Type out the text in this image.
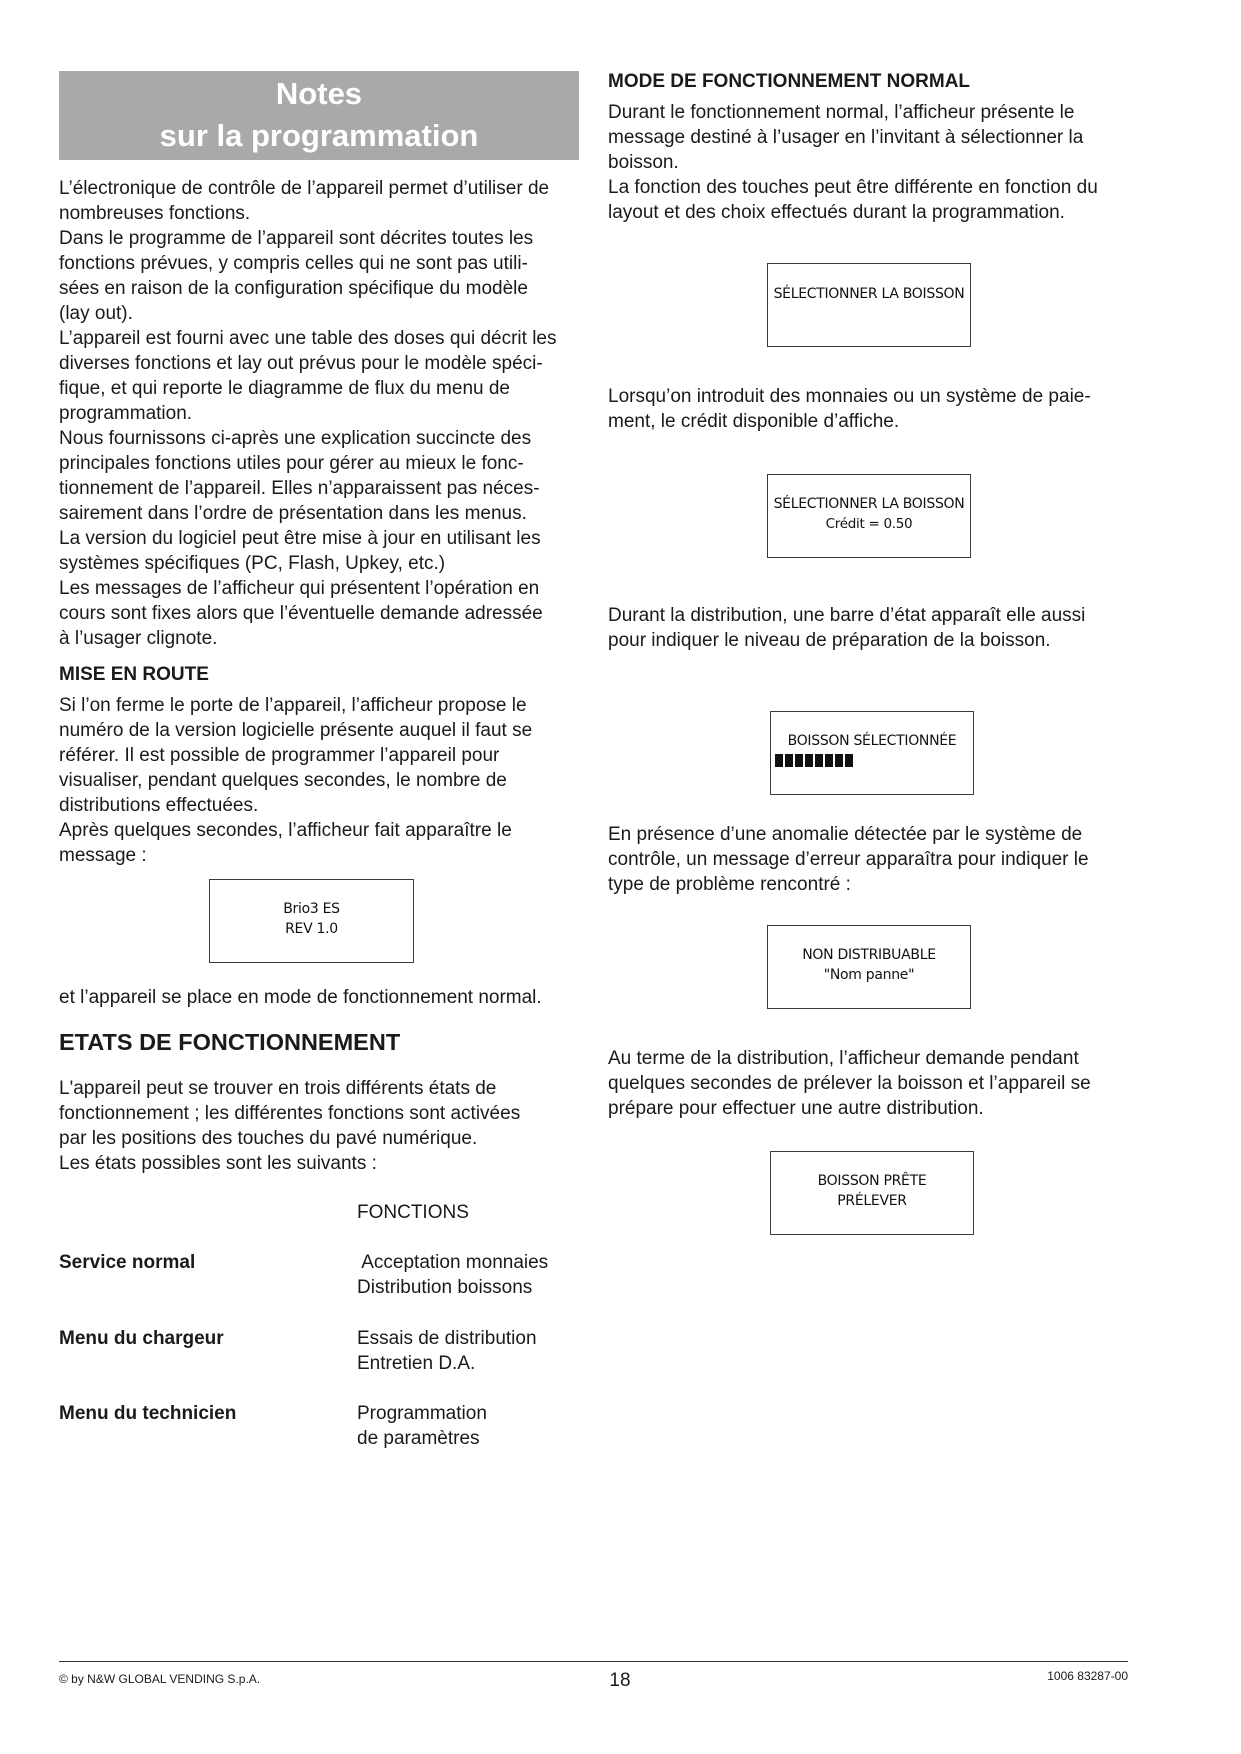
Notes
sur la programmation
L’électronique de contrôle de l’appareil permet d’utiliser de
nombreuses fonctions.
Dans le programme de l’appareil sont décrites toutes les
fonctions prévues, y compris celles qui ne sont pas utili-
sées en raison de la configuration spécifique du modèle
(lay out).
L’appareil est fourni avec une table des doses qui décrit les
diverses fonctions et lay out prévus pour le modèle spéci-
fique, et qui reporte le diagramme de flux du menu de
programmation.
Nous fournissons ci-après une explication succincte des
principales fonctions utiles pour gérer au mieux le fonc-
tionnement de l’appareil. Elles n’apparaissent pas néces-
sairement dans l’ordre de présentation dans les menus.
La version du logiciel peut être mise à jour en utilisant les
systèmes spécifiques (PC, Flash, Upkey, etc.)
Les messages de l’afficheur qui présentent l’opération en
cours sont fixes alors que l’éventuelle demande adressée
à l’usager clignote.
MISE EN ROUTE
Si l’on ferme le porte de l’appareil, l’afficheur propose le
numéro de la version logicielle présente auquel il faut se
référer. Il est possible de programmer l’appareil pour
visualiser, pendant quelques secondes, le nombre de
distributions effectuées.
Après quelques secondes, l’afficheur fait apparaître le
message :
Brio3 ES
REV 1.0
et l’appareil se place en mode de fonctionnement normal.
ETATS DE FONCTIONNEMENT
L'appareil peut se trouver en trois différents états de
fonctionnement ; les différentes fonctions sont activées
par les positions des touches du pavé numérique.
Les états possibles sont les suivants :
FONCTIONS
Service normal	Acceptation monnaies
Distribution boissons
Menu du chargeur	Essais de distribution
Entretien D.A.
Menu du technicien	Programmation
de paramètres
MODE DE FONCTIONNEMENT NORMAL
Durant le fonctionnement normal, l’afficheur présente le
message destiné à l’usager en l’invitant à sélectionner la
boisson.
La fonction des touches peut être différente en fonction du
layout et des choix effectués durant la programmation.
SÉLECTIONNER LA BOISSON
Lorsqu’on introduit des monnaies ou un système de paie-
ment, le crédit disponible d’affiche.
SÉLECTIONNER LA BOISSON
Crédit = 0.50
Durant la distribution, une barre d’état apparaît elle aussi
pour indiquer le niveau de préparation de la boisson.
BOISSON SÉLECTIONNÉE
En présence d’une anomalie détectée par le système de
contrôle, un message d’erreur apparaîtra pour indiquer le
type de problème rencontré :
NON DISTRIBUABLE
"Nom panne"
Au terme de la distribution, l’afficheur demande pendant
quelques secondes de prélever la boisson et l’appareil se
prépare pour effectuer une autre distribution.
BOISSON PRÊTE
PRÉLEVER
© by N&W GLOBAL VENDING S.p.A.	18	1006 83287-00
